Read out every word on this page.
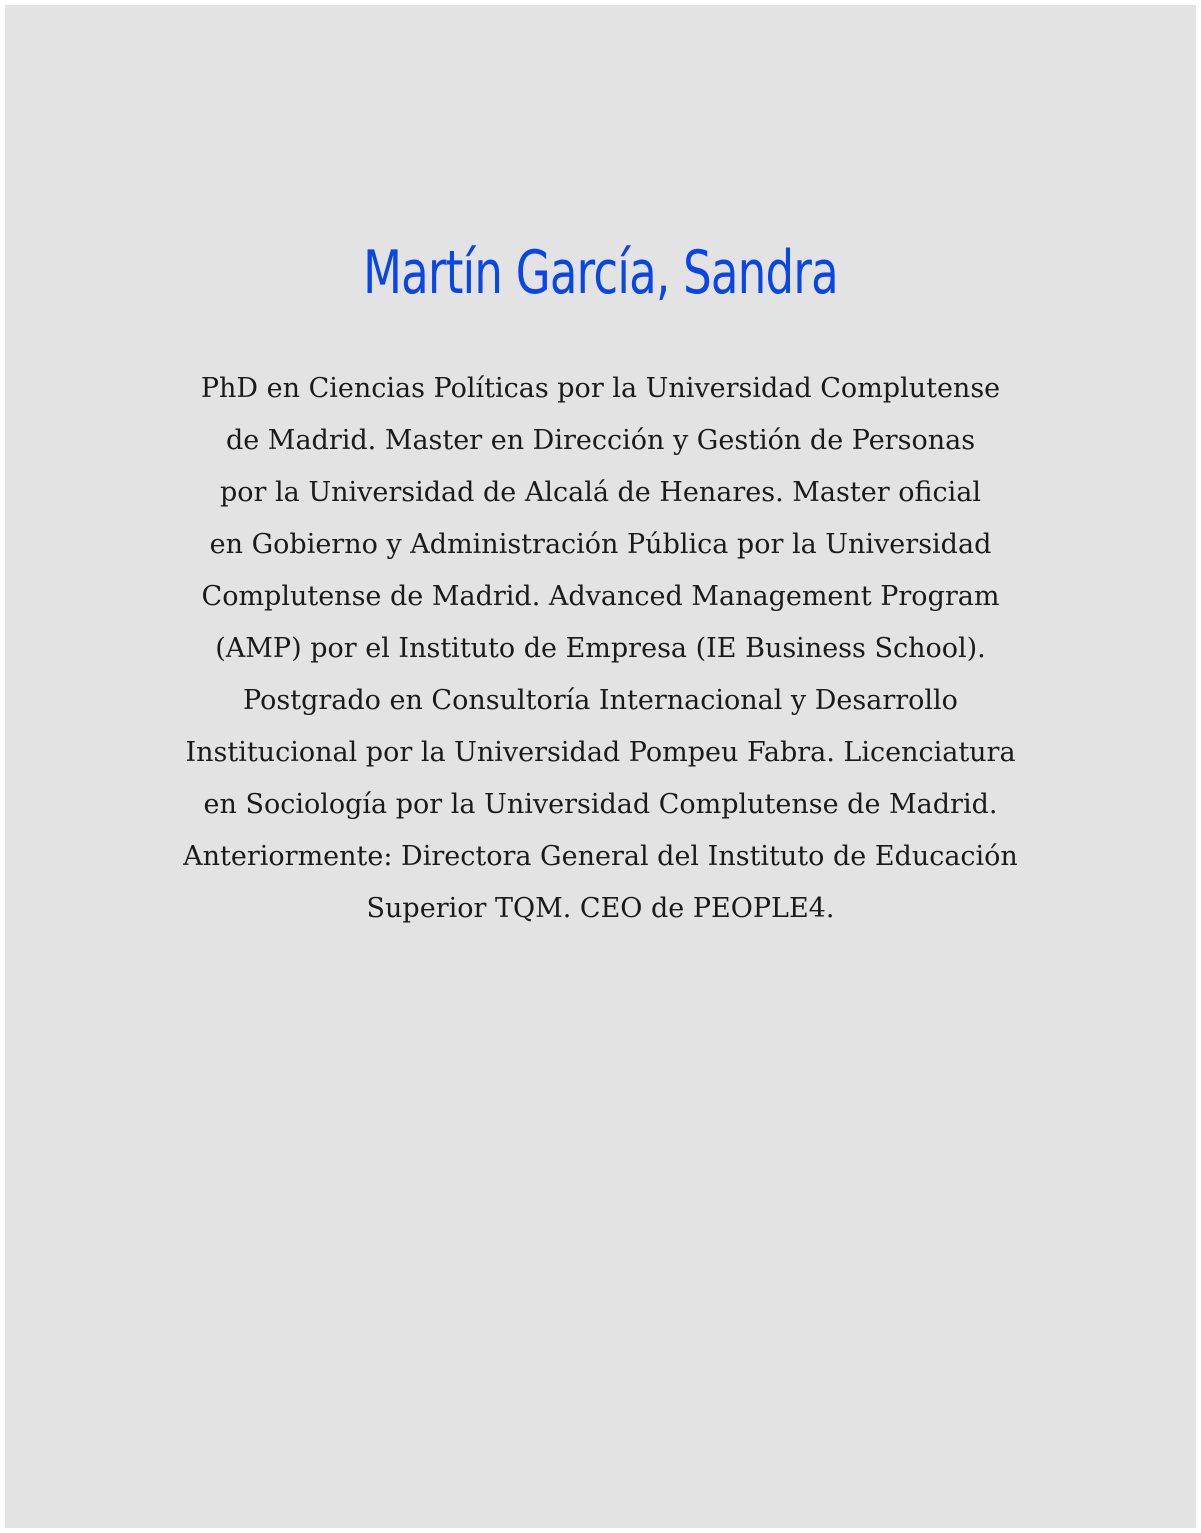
Martín García, Sandra

PhD en Ciencias Políticas por la Universidad Complutense
de Madrid. Master en Dirección y Gestión de Personas
por la Universidad de Alcalá de Henares. Master oficial
en Gobierno y Administración Pública por la Universidad
Complutense de Madrid. Advanced Management Program
(AMP) por el Instituto de Empresa (IE Business School).
Postgrado en Consultoría Internacional y Desarrollo
Institucional por la Universidad Pompeu Fabra. Licenciatura
en Sociología por la Universidad Complutense de Madrid.
Anteriormente: Directora General del Instituto de Educación
Superior TQM. CEO de PEOPLE4.
